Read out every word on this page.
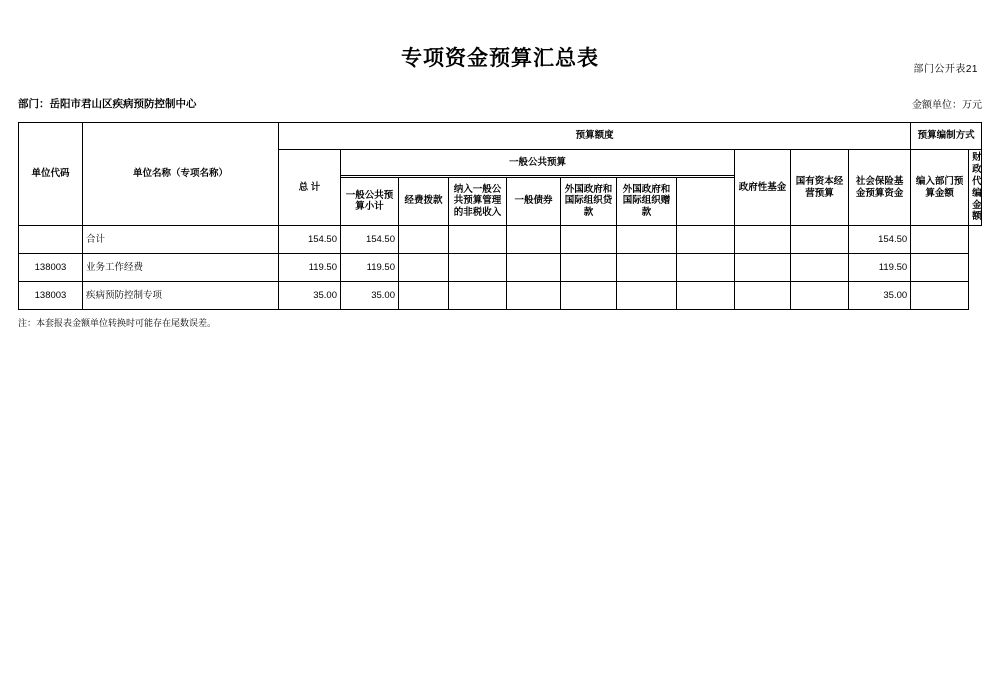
部门公开表21
专项资金预算汇总表
部门：岳阳市君山区疾病预防控制中心	金额单位：万元
单位代码	单位名称（专项名称）	预算额度											预算编制方式	
		总 计	一般公共预算							政府性基金	国有资本经营预算	社会保险基金预算资金	编入部门预算金额	财政代编金额

			一般公共预算小计	经费拨款	纳入一般公共预算管理的非税收入	一般债券	外国政府和国际组织贷款	外国政府和国际组织赠款						
	合计	154.50	154.50									154.50		
138003	业务工作经费	119.50	119.50									119.50		
138003	疾病预防控制专项	35.00	35.00									35.00		
注：本套报表金额单位转换时可能存在尾数误差。
